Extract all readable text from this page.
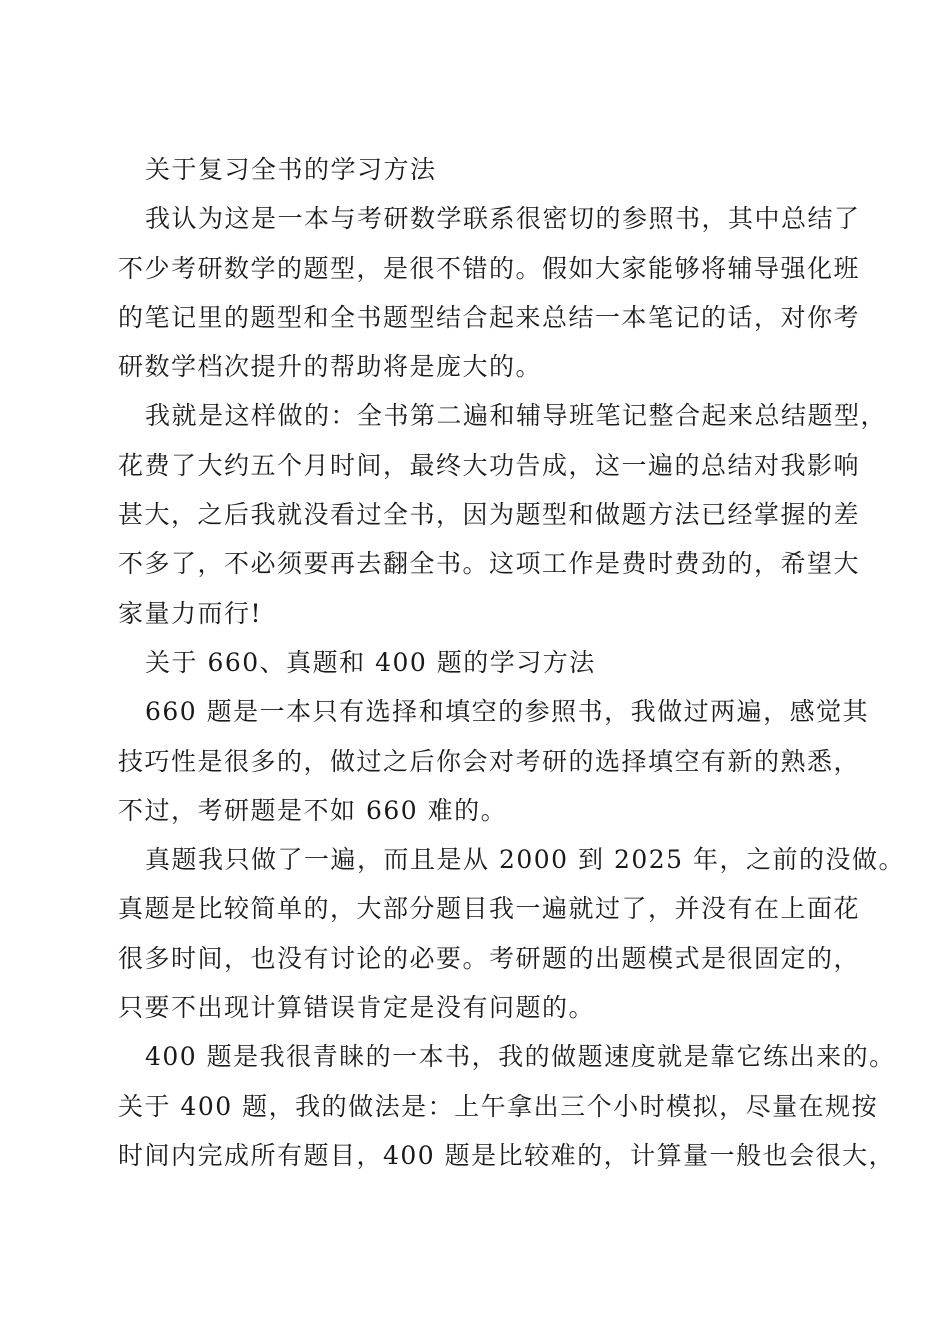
关于复习全书的学习方法
我认为这是一本与考研数学联系很密切的参照书，其中总结了
不少考研数学的题型，是很不错的。假如大家能够将辅导强化班
的笔记里的题型和全书题型结合起来总结一本笔记的话，对你考
研数学档次提升的帮助将是庞大的。
我就是这样做的：全书第二遍和辅导班笔记整合起来总结题型，
花费了大约五个月时间，最终大功告成，这一遍的总结对我影响
甚大，之后我就没看过全书，因为题型和做题方法已经掌握的差
不多了，不必须要再去翻全书。这项工作是费时费劲的，希望大
家量力而行!
关于 660、真题和 400 题的学习方法
660 题是一本只有选择和填空的参照书，我做过两遍，感觉其
技巧性是很多的，做过之后你会对考研的选择填空有新的熟悉，
不过，考研题是不如 660 难的。
真题我只做了一遍，而且是从 2000 到 2025 年，之前的没做。
真题是比较简单的，大部分题目我一遍就过了，并没有在上面花
很多时间，也没有讨论的必要。考研题的出题模式是很固定的，
只要不出现计算错误肯定是没有问题的。
400 题是我很青睐的一本书，我的做题速度就是靠它练出来的。
关于 400 题，我的做法是：上午拿出三个小时模拟，尽量在规按
时间内完成所有题目，400 题是比较难的，计算量一般也会很大，
